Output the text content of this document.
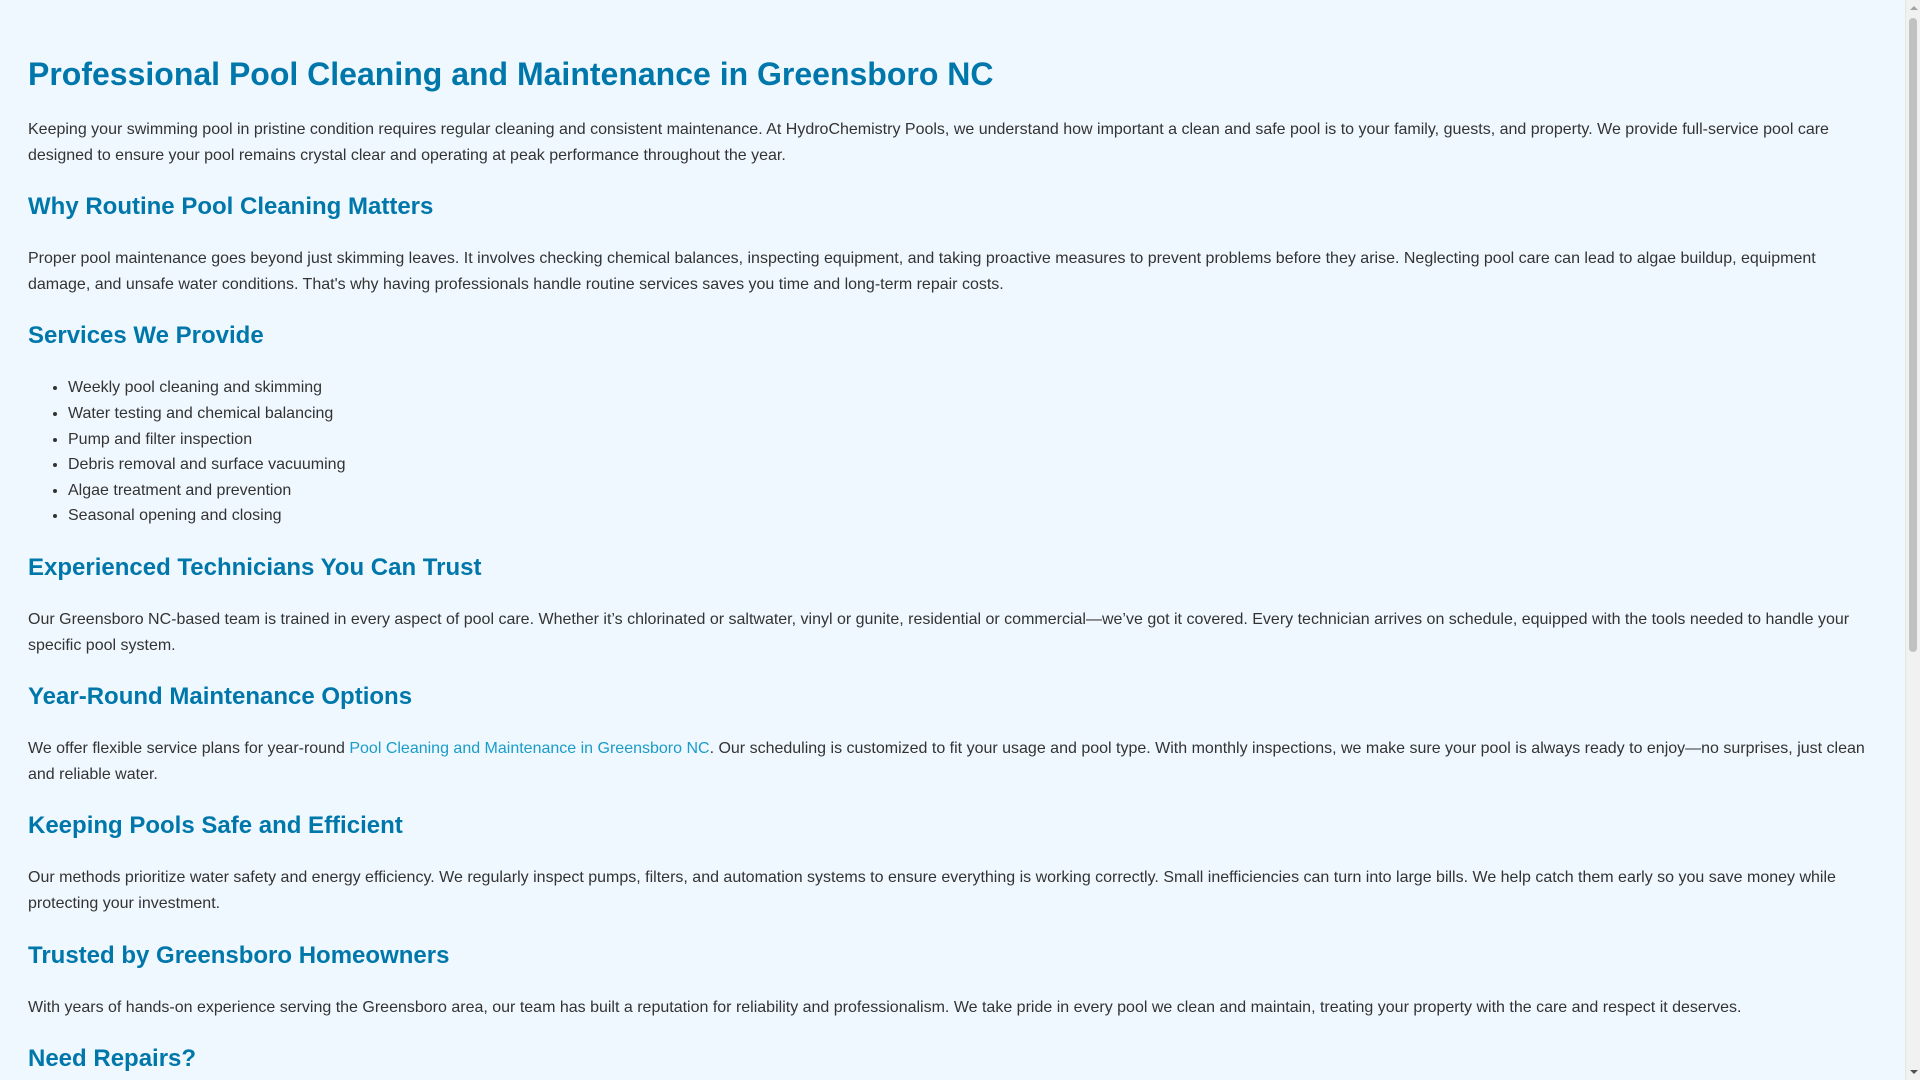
Professional Pool Cleaning and Maintenance in Greensboro NC

Keeping your swimming pool in pristine condition requires regular cleaning and consistent maintenance. At HydroChemistry Pools, we understand how important a clean and safe pool is to your family, guests, and property. We provide full-service pool care designed to ensure your pool remains crystal clear and operating at peak performance throughout the year.

Why Routine Pool Cleaning Matters

Proper pool maintenance goes beyond just skimming leaves. It involves checking chemical balances, inspecting equipment, and taking proactive measures to prevent problems before they arise. Neglecting pool care can lead to algae buildup, equipment damage, and unsafe water conditions. That's why having professionals handle routine services saves you time and long-term repair costs.

Services We Provide
• Weekly pool cleaning and skimming
• Water testing and chemical balancing
• Pump and filter inspection
• Debris removal and surface vacuuming
• Algae treatment and prevention
• Seasonal opening and closing
Experienced Technicians You Can Trust

Our Greensboro NC-based team is trained in every aspect of pool care. Whether it’s chlorinated or saltwater, vinyl or gunite, residential or commercial—we’ve got it covered. Every technician arrives on schedule, equipped with the tools needed to handle your specific pool system.

Year-Round Maintenance Options

We offer flexible service plans for year-round Pool Cleaning and Maintenance in Greensboro NC. Our scheduling is customized to fit your usage and pool type. With monthly inspections, we make sure your pool is always ready to enjoy—no surprises, just clean and reliable water.

Keeping Pools Safe and Efficient

Our methods prioritize water safety and energy efficiency. We regularly inspect pumps, filters, and automation systems to ensure everything is working correctly. Small inefficiencies can turn into large bills. We help catch them early so you save money while protecting your investment.

Trusted by Greensboro Homeowners

With years of hands-on experience serving the Greensboro area, our team has built a reputation for reliability and professionalism. We take pride in every pool we clean and maintain, treating your property with the care and respect it deserves.

Need Repairs?
